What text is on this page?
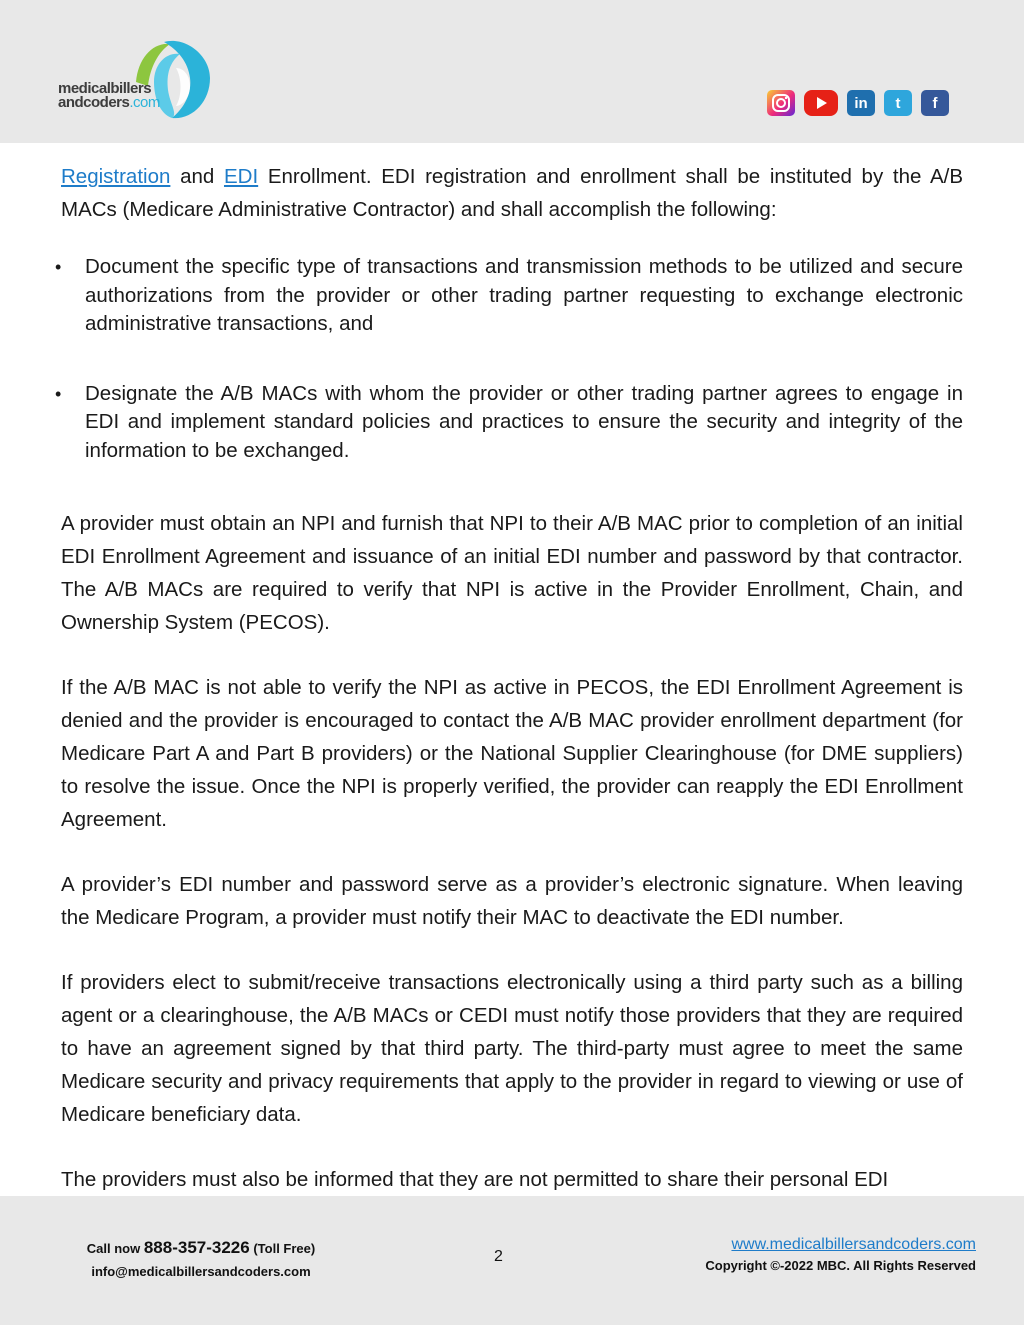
medicalbillers
andcoders.com	in	t	f

Registration and EDI Enrollment. EDI registration and enrollment shall be instituted by the A/B MACs (Medicare Administrative Contractor) and shall accomplish the following:

• Document the specific type of transactions and transmission methods to be utilized and secure authorizations from the provider or other trading partner requesting to exchange electronic administrative transactions, and
• Designate the A/B MACs with whom the provider or other trading partner agrees to engage in EDI and implement standard policies and practices to ensure the security and integrity of the information to be exchanged.

A provider must obtain an NPI and furnish that NPI to their A/B MAC prior to completion of an initial EDI Enrollment Agreement and issuance of an initial EDI number and password by that contractor. The A/B MACs are required to verify that NPI is active in the Provider Enrollment, Chain, and Ownership System (PECOS).

If the A/B MAC is not able to verify the NPI as active in PECOS, the EDI Enrollment Agreement is denied and the provider is encouraged to contact the A/B MAC provider enrollment department (for Medicare Part A and Part B providers) or the National Supplier Clearinghouse (for DME suppliers) to resolve the issue. Once the NPI is properly verified, the provider can reapply the EDI Enrollment Agreement.

A provider’s EDI number and password serve as a provider’s electronic signature. When leaving the Medicare Program, a provider must notify their MAC to deactivate the EDI number.

If providers elect to submit/receive transactions electronically using a third party such as a billing agent or a clearinghouse, the A/B MACs or CEDI must notify those providers that they are required to have an agreement signed by that third party. The third-party must agree to meet the same Medicare security and privacy requirements that apply to the provider in regard to viewing or use of Medicare beneficiary data.

The providers must also be informed that they are not permitted to share their personal EDI

Call now 888-357-3226 (Toll Free)
info@medicalbillersandcoders.com
2
www.medicalbillersandcoders.com
Copyright ©-2022 MBC. All Rights Reserved
